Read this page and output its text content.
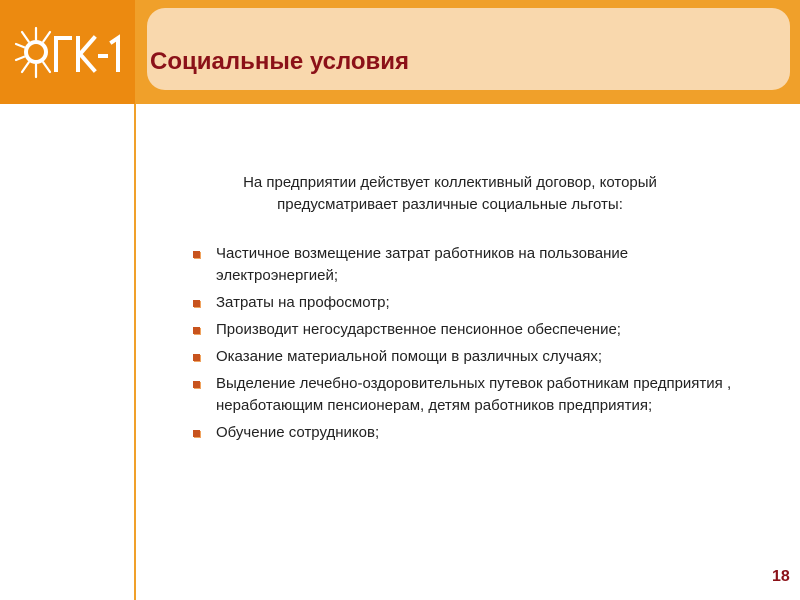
Социальные условия
На предприятии действует коллективный договор, который предусматривает различные социальные льготы:
Частичное возмещение затрат работников на пользование электроэнергией;
Затраты на профосмотр;
Производит негосударственное пенсионное обеспечение;
Оказание материальной помощи в различных случаях;
Выделение лечебно-оздоровительных путевок работникам предприятия , неработающим пенсионерам, детям работников предприятия;
Обучение сотрудников;
18
